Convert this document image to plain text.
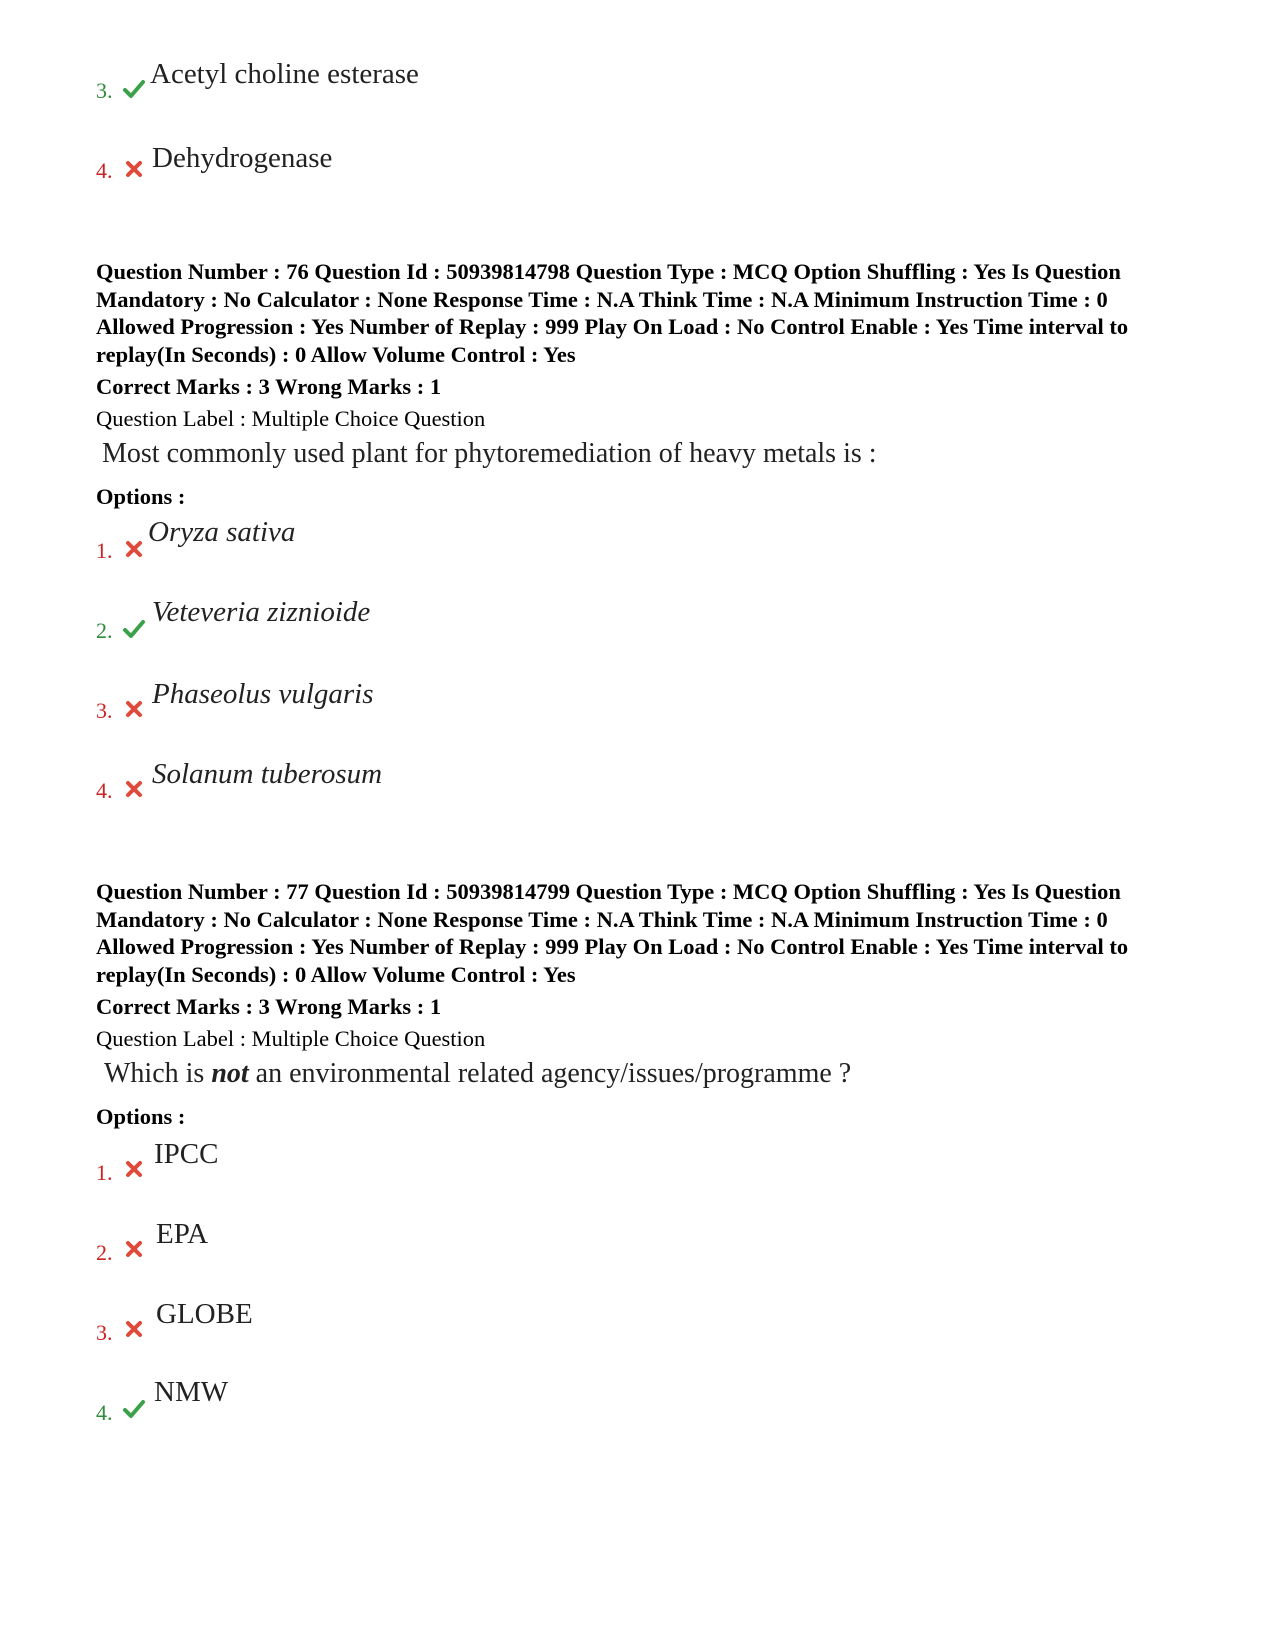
3.
Acetyl choline esterase
4. Dehydrogenase
Question Number : 76 Question Id : 50939814798 Question Type : MCQ Option Shuffling : Yes Is Question Mandatory : No Calculator : None Response Time : N.A Think Time : N.A Minimum Instruction Time : 0 Allowed Progression : Yes Number of Replay : 999 Play On Load : No Control Enable : Yes Time interval to replay(In Seconds) : 0 Allow Volume Control : Yes
Correct Marks : 3 Wrong Marks : 1
Question Label : Multiple Choice Question
Most commonly used plant for phytoremediation of heavy metals is :
Options :
1.
Oryza sativa
2.
Veteveria ziznioide
3.
Phaseolus vulgaris
4.
Solanum tuberosum
Question Number : 77 Question Id : 50939814799 Question Type : MCQ Option Shuffling : Yes Is Question Mandatory : No Calculator : None Response Time : N.A Think Time : N.A Minimum Instruction Time : 0 Allowed Progression : Yes Number of Replay : 999 Play On Load : No Control Enable : Yes Time interval to replay(In Seconds) : 0 Allow Volume Control : Yes
Correct Marks : 3 Wrong Marks : 1
Question Label : Multiple Choice Question
Which is not an environmental related agency/issues/programme ?
Options :
1.
IPCC
2.
EPA
3.
GLOBE
4.
NMW
